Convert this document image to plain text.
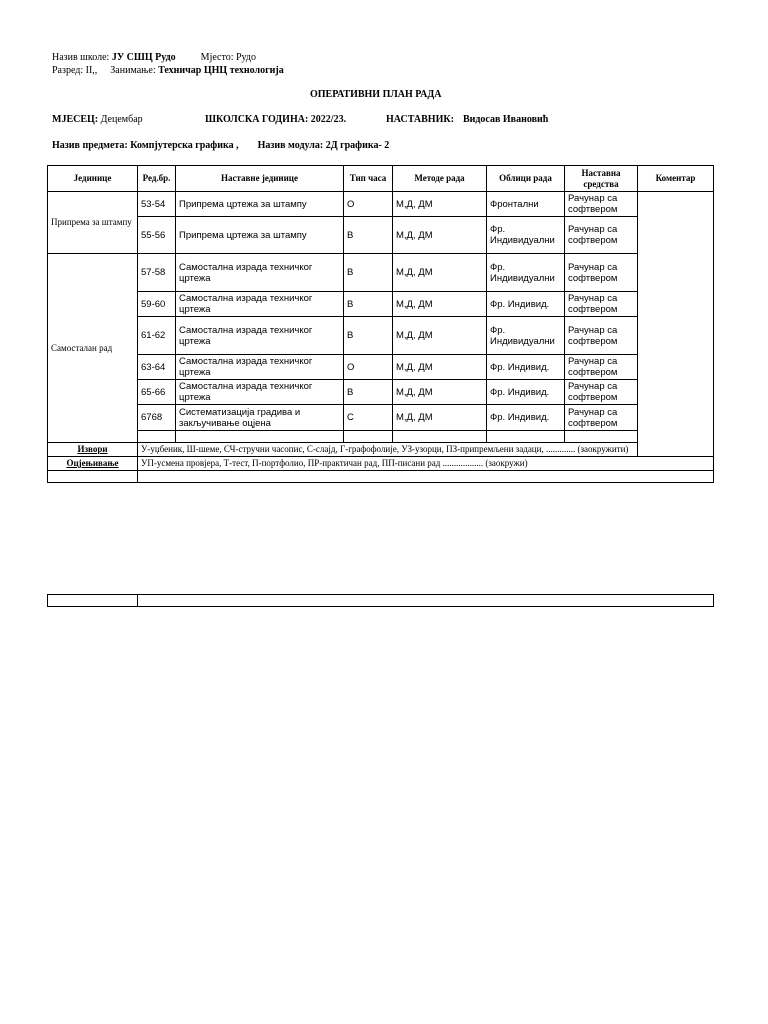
Назив школе: ЈУ СШЦ Рудо	Мјесто: Рудо
Разред: II,, Занимање: Техничар ЦНЦ технологија
ОПЕРАТИВНИ ПЛАН РАДА
МЈЕСЕЦ: Децембар	ШКОЛСКА ГОДИНА: 2022/23.	НАСТАВНИК: Видосав Ивановић
Назив предмета: Компјутерска графика , Назив модула: 2Д графика- 2
Јединице	Ред.бр.	Наставне јединице	Тип часа	Методе рада	Облици рада	Наставна средства	Коментар
Припрема за штампу	53-54	Припрема цртежа за штампу	О	М,Д, ДМ	Фронтални	Рачунар са софтвером	
	55-56	Припрема цртежа за штампу	В	М,Д, ДМ	Фр. Индивидуални	Рачунар са софтвером	
Самосталан рад	57-58	Самостална израда техничког цртежа	В	М,Д, ДМ	Фр. Индивидуални	Рачунар са софтвером	
	59-60	Самостална израда техничког цртежа	В	М,Д, ДМ	Фр. Индивид.	Рачунар са софтвером	
	61-62	Самостална израда техничког цртежа	В	М,Д, ДМ	Фр. Индивидуални	Рачунар са софтвером	
	63-64	Самостална израда техничког цртежа	О	М,Д, ДМ	Фр. Индивид.	Рачунар са софтвером	
	65-66	Самостална израда техничког цртежа	В	М,Д, ДМ	Фр. Индивид.	Рачунар са софтвером	
	6768	Систематизација градива и закључивање оцјена	С	М,Д, ДМ	Фр. Индивид.	Рачунар са софтвером	

Извори	У-уџбеник, Ш-шеме, СЧ-стручни часопис, С-слајд, Г-графофолије, УЗ-узорци, ПЗ-припремљени задаци, ............. (заокружити)						
Оцјењивање	УП-усмена провјера, Т-тест, П-портфолио, ПР-практичан рад, ПП-писани рад .................. (заокружи)						
